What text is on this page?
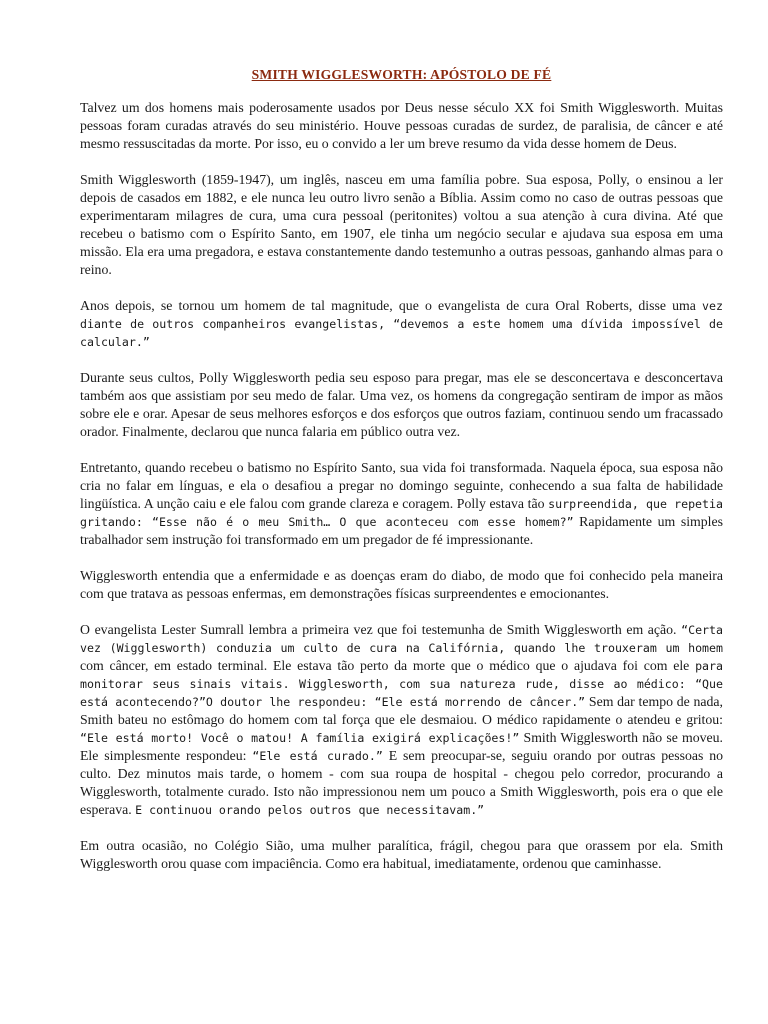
SMITH WIGGLESWORTH: APÓSTOLO DE FÉ

Talvez um dos homens mais poderosamente usados por Deus nesse século XX foi Smith Wigglesworth. Muitas pessoas foram curadas através do seu ministério. Houve pessoas curadas de surdez, de paralisia, de câncer e até mesmo ressuscitadas da morte. Por isso, eu o convido a ler um breve resumo da vida desse homem de Deus.

Smith Wigglesworth (1859-1947), um inglês, nasceu em uma família pobre. Sua esposa, Polly, o ensinou a ler depois de casados em 1882, e ele nunca leu outro livro senão a Bíblia. Assim como no caso de outras pessoas que experimentaram milagres de cura, uma cura pessoal (peritonites) voltou a sua atenção à cura divina. Até que recebeu o batismo com o Espírito Santo, em 1907, ele tinha um negócio secular e ajudava sua esposa em uma missão. Ela era uma pregadora, e estava constantemente dando testemunho a outras pessoas, ganhando almas para o reino.

Anos depois, se tornou um homem de tal magnitude, que o evangelista de cura Oral Roberts, disse uma vez diante de outros companheiros evangelistas, “devemos a este homem uma dívida impossível de calcular.”

Durante seus cultos, Polly Wigglesworth pedia seu esposo para pregar, mas ele se desconcertava e desconcertava também aos que assistiam por seu medo de falar. Uma vez, os homens da congregação sentiram de impor as mãos sobre ele e orar. Apesar de seus melhores esforços e dos esforços que outros faziam, continuou sendo um fracassado orador. Finalmente, declarou que nunca falaria em público outra vez.

Entretanto, quando recebeu o batismo no Espírito Santo, sua vida foi transformada. Naquela época, sua esposa não cria no falar em línguas, e ela o desafiou a pregar no domingo seguinte, conhecendo a sua falta de habilidade lingüística. A unção caiu e ele falou com grande clareza e coragem. Polly estava tão surpreendida, que repetia gritando: “Esse não é o meu Smith… O que aconteceu com esse homem?” Rapidamente um simples trabalhador sem instrução foi transformado em um pregador de fé impressionante.

Wigglesworth entendia que a enfermidade e as doenças eram do diabo, de modo que foi conhecido pela maneira com que tratava as pessoas enfermas, em demonstrações físicas surpreendentes e emocionantes.

O evangelista Lester Sumrall lembra a primeira vez que foi testemunha de Smith Wigglesworth em ação. “Certa vez (Wigglesworth) conduzia um culto de cura na Califórnia, quando lhe trouxeram um homem com câncer, em estado terminal. Ele estava tão perto da morte que o médico que o ajudava foi com ele para monitorar seus sinais vitais. Wigglesworth, com sua natureza rude, disse ao médico: “Que está acontecendo?”O doutor lhe respondeu: “Ele está morrendo de câncer.” Sem dar tempo de nada, Smith bateu no estômago do homem com tal força que ele desmaiou. O médico rapidamente o atendeu e gritou: “Ele está morto! Você o matou! A família exigirá explicações!” Smith Wigglesworth não se moveu. Ele simplesmente respondeu: “Ele está curado.” E sem preocupar-se, seguiu orando por outras pessoas no culto. Dez minutos mais tarde, o homem - com sua roupa de hospital - chegou pelo corredor, procurando a Wigglesworth, totalmente curado. Isto não impressionou nem um pouco a Smith Wigglesworth, pois era o que ele esperava. E continuou orando pelos outros que necessitavam.”

Em outra ocasião, no Colégio Sião, uma mulher paralítica, frágil, chegou para que orassem por ela. Smith Wigglesworth orou quase com impaciência. Como era habitual, imediatamente, ordenou que caminhasse.
